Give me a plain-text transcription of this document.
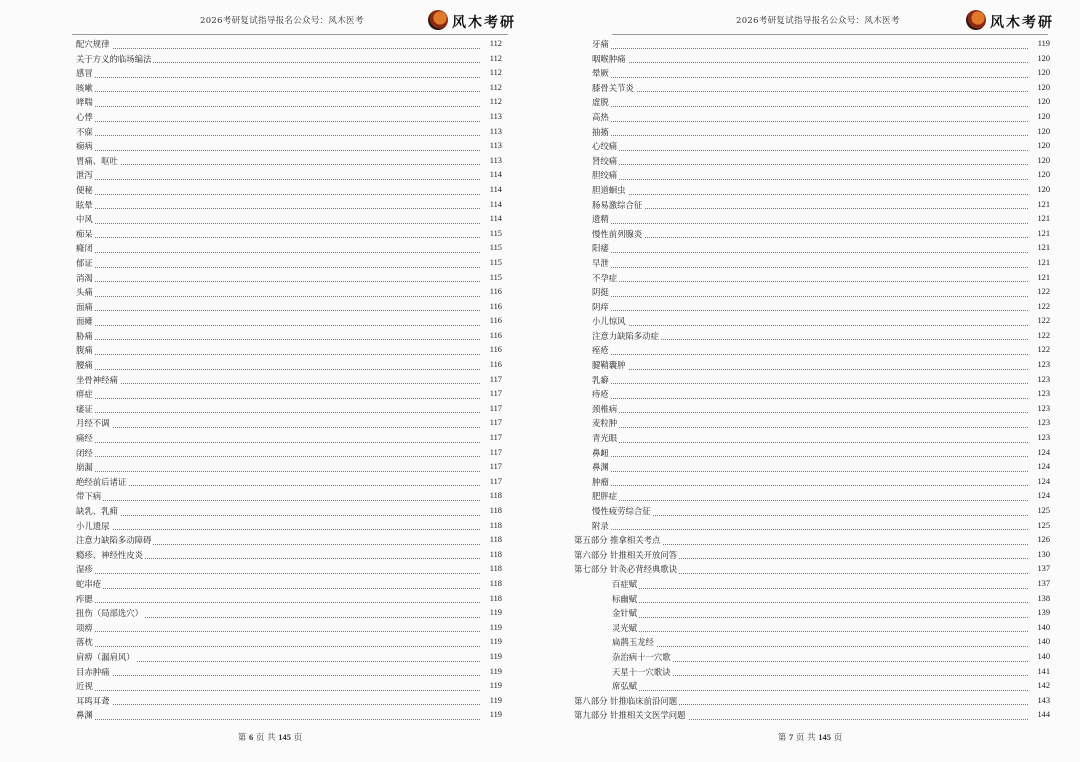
2026考研复试指导报名公众号：风木医考	风木考研
配穴规律	112
关于方义的临场编法	112
感冒	112
咳嗽	112
哮喘	112
心悸	113
不寐	113
痫病	113
胃痛、呕吐	113
泄泻	114
便秘	114
眩晕	114
中风	114
痴呆	115
癃闭	115
郁证	115
消渴	115
头痛	116
面痛	116
面瘫	116
胁痛	116
腹痛	116
腰痛	116
坐骨神经痛	117
痹症	117
痿证	117
月经不调	117
痛经	117
闭经	117
崩漏	117
绝经前后诸证	117
带下病	118
缺乳、乳痈	118
小儿遗尿	118
注意力缺陷多动障碍	118
瘾疹、神经性皮炎	118
湿疹	118
蛇串疮	118
痄腮	118
扭伤（局部选穴）	119
项痹	119
落枕	119
肩痹（漏肩风）	119
目赤肿痛	119
近视	119
耳鸣耳聋	119
鼻渊	119
第 6 页 共 145 页
2026考研复试指导报名公众号：风木医考	风木考研
牙痛	119
咽喉肿痛	120
晕厥	120
膝骨关节炎	120
虚脱	120
高热	120
抽搐	120
心绞痛	120
肾绞痛	120
胆绞痛	120
胆道蛔虫	120
肠易激综合征	121
遗精	121
慢性前列腺炎	121
阳痿	121
早泄	121
不孕症	121
阴挺	122
阴痒	122
小儿惊风	122
注意力缺陷多动症	122
痤疮	122
腱鞘囊肿	123
乳癖	123
痔疮	123
颈椎病	123
麦粒肿	123
青光眼	123
鼻衄	124
鼻渊	124
肿瘤	124
肥胖症	124
慢性疲劳综合征	125
附录	125
第五部分 推拿相关考点	126
第六部分 针推相关开放问答	130
第七部分 针灸必背经典歌诀	137
百症赋	137
标幽赋	138
金针赋	139
灵光赋	140
扁鹊玉龙经	140
杂治病十一穴歌	140
天星十一穴歌诀	141
席弘赋	142
第八部分 针推临床前沿问题	143
第九部分 针推相关文医学问题	144
第 7 页 共 145 页
